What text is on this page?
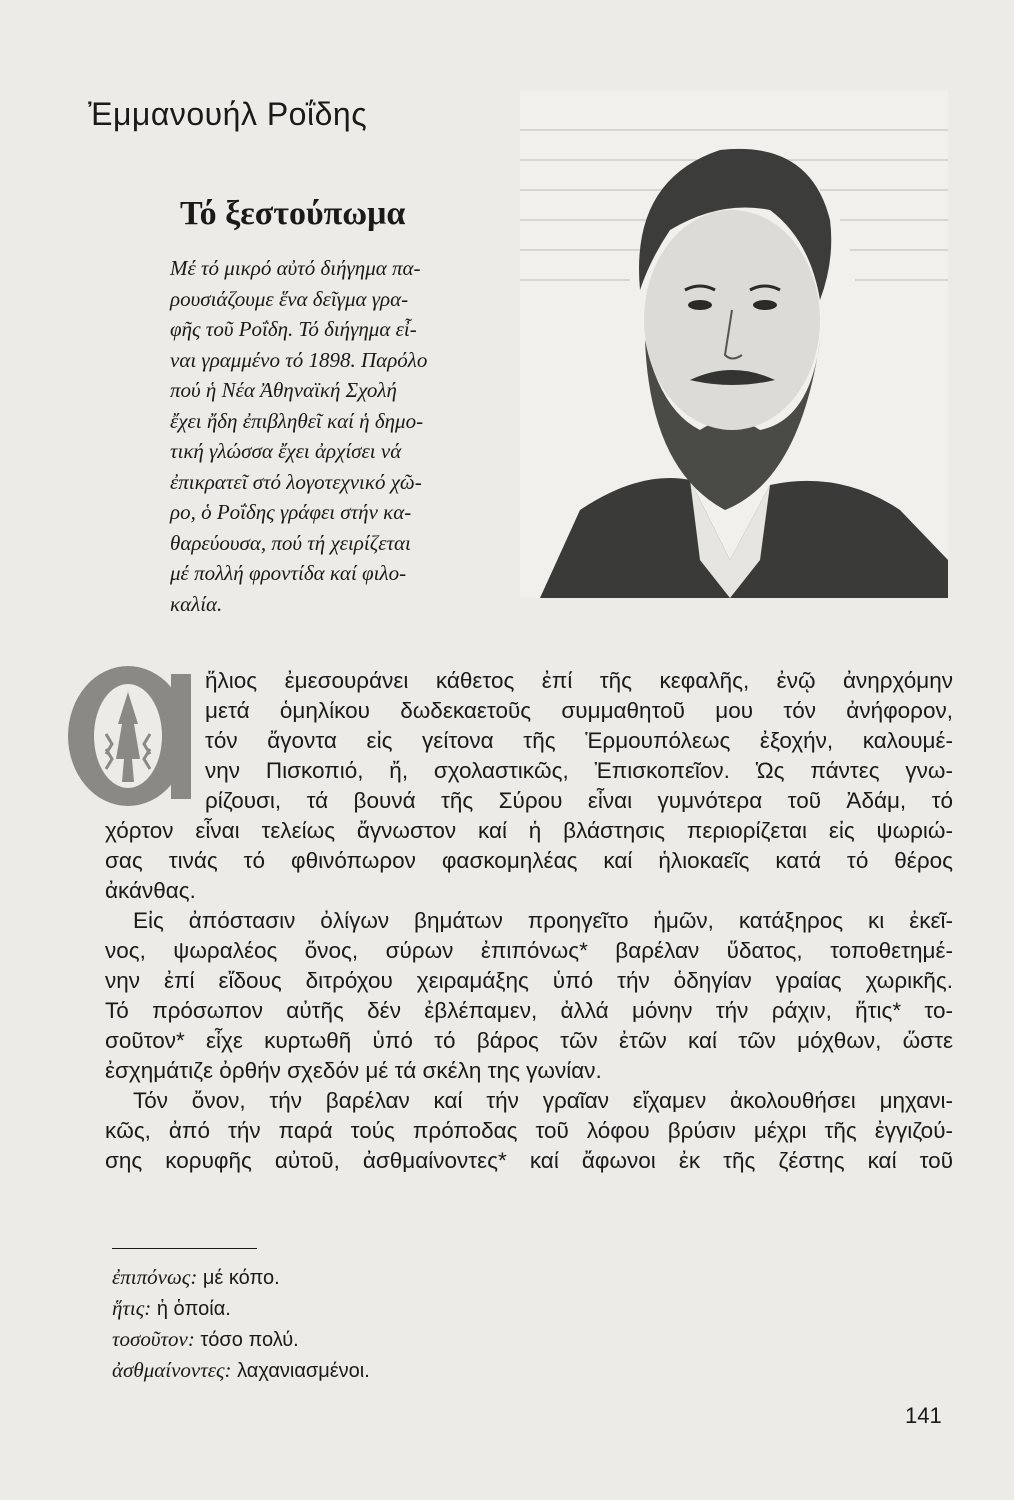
Ἐμμανουήλ Ροΐδης
Τό ξεστούπωμα
Μέ τό μικρό αὐτό διήγημα πα-
ρουσιάζουμε ἕνα δεῖγμα γρα-
φῆς τοῦ Ροΐδη. Τό διήγημα εἶ-
ναι γραμμένο τό 1898. Παρόλο
πού ἡ Νέα Ἀθηναϊκή Σχολή
ἔχει ἤδη ἐπιβληθεῖ καί ἡ δημο-
τική γλώσσα ἔχει ἀρχίσει νά
ἐπικρατεῖ στό λογοτεχνικό χῶ-
ρο, ὁ Ροΐδης γράφει στήν κα-
θαρεύουσα, πού τή χειρίζεται
μέ πολλή φροντίδα καί φιλο-
καλία.
ἥλιος ἐμεσουράνει κάθετος ἐπί τῆς κεφαλῆς, ἐνῷ ἀνηρχόμην
μετά ὁμηλίκου δωδεκαετοῦς συμμαθητοῦ μου τόν ἀνήφορον,
τόν ἄγοντα εἰς γείτονα τῆς Ἑρμουπόλεως ἐξοχήν, καλουμέ-
νην Πισκοπιό, ἤ, σχολαστικῶς, Ἐπισκοπεῖον. Ὡς πάντες γνω-
ρίζουσι, τά βουνά τῆς Σύρου εἶναι γυμνότερα τοῦ Ἀδάμ, τό
χόρτον εἶναι τελείως ἄγνωστον καί ἡ βλάστησις περιορίζεται εἰς ψωριώ-
σας τινάς τό φθινόπωρον φασκομηλέας καί ἡλιοκαεῖς κατά τό θέρος
ἀκάνθας.
Εἰς ἀπόστασιν ὀλίγων βημάτων προηγεῖτο ἡμῶν, κατάξηρος κι ἐκεῖ-
νος, ψωραλέος ὄνος, σύρων ἐπιπόνως* βαρέλαν ὕδατος, τοποθετημέ-
νην ἐπί εἴδους διτρόχου χειραμάξης ὑπό τήν ὁδηγίαν γραίας χωρικῆς.
Τό πρόσωπον αὐτῆς δέν ἐβλέπαμεν, ἀλλά μόνην τήν ράχιν, ἥτις* το-
σοῦτον* εἶχε κυρτωθῆ ὑπό τό βάρος τῶν ἐτῶν καί τῶν μόχθων, ὥστε
ἐσχημάτιζε ὀρθήν σχεδόν μέ τά σκέλη της γωνίαν.
Τόν ὄνον, τήν βαρέλαν καί τήν γραῖαν εἴχαμεν ἀκολουθήσει μηχανι-
κῶς, ἀπό τήν παρά τούς πρόποδας τοῦ λόφου βρύσιν μέχρι τῆς ἐγγιζού-
σης κορυφῆς αὐτοῦ, ἀσθμαίνοντες* καί ἄφωνοι ἐκ τῆς ζέστης καί τοῦ
ἐπιπόνως: μέ κόπο.
ἥτις: ἡ ὁποία.
τοσοῦτον: τόσο πολύ.
ἀσθμαίνοντες: λαχανιασμένοι.
141
